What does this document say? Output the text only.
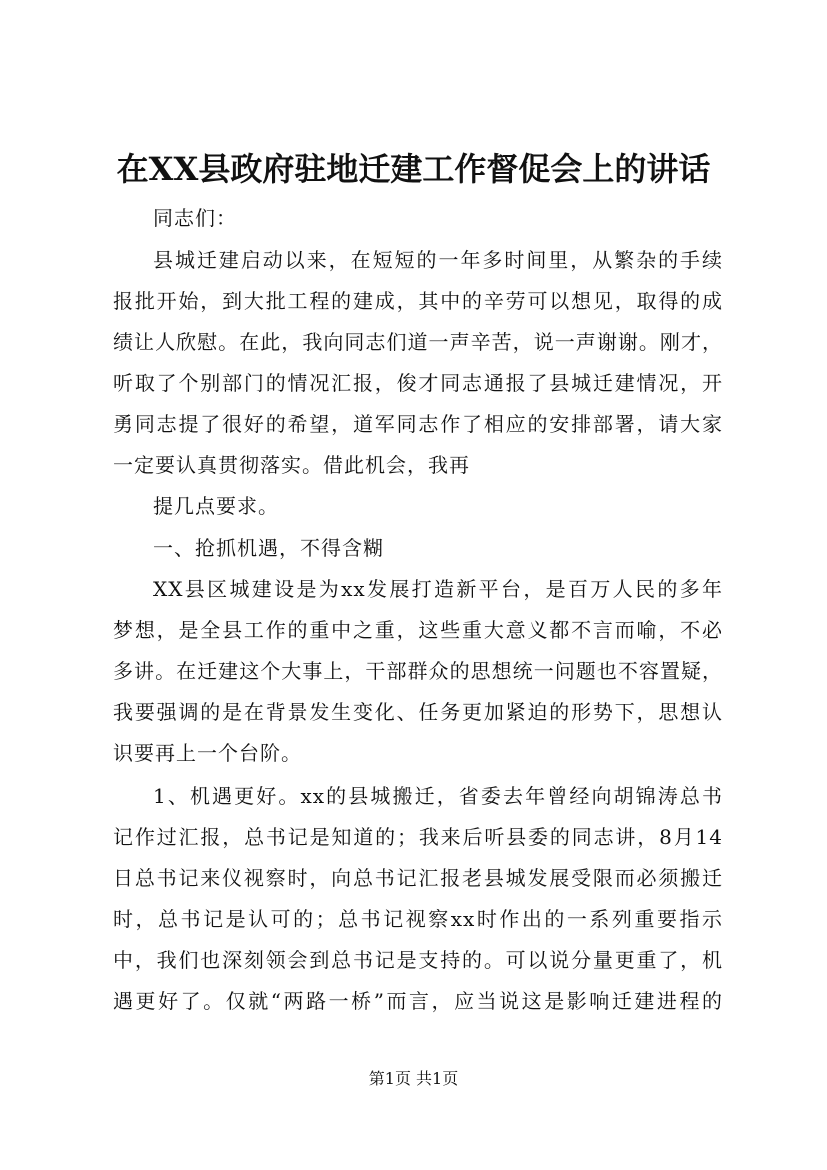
在XX县政府驻地迁建工作督促会上的讲话
同志们：
县城迁建启动以来，在短短的一年多时间里，从繁杂的手续
报批开始，到大批工程的建成，其中的辛劳可以想见，取得的成
绩让人欣慰。在此，我向同志们道一声辛苦，说一声谢谢。刚才，
听取了个别部门的情况汇报，俊才同志通报了县城迁建情况，开
勇同志提了很好的希望，道军同志作了相应的安排部署，请大家
一定要认真贯彻落实。借此机会，我再
提几点要求。
一、抢抓机遇，不得含糊
XX县区城建设是为xx发展打造新平台，是百万人民的多年
梦想，是全县工作的重中之重，这些重大意义都不言而喻，不必
多讲。在迁建这个大事上，干部群众的思想统一问题也不容置疑，
我要强调的是在背景发生变化、任务更加紧迫的形势下，思想认
识要再上一个台阶。
1、机遇更好。xx的县城搬迁，省委去年曾经向胡锦涛总书
记作过汇报，总书记是知道的；我来后听县委的同志讲，8月14
日总书记来仪视察时，向总书记汇报老县城发展受限而必须搬迁
时，总书记是认可的；总书记视察xx时作出的一系列重要指示
中，我们也深刻领会到总书记是支持的。可以说分量更重了，机
遇更好了。仅就“两路一桥”而言，应当说这是影响迁建进程的
第1页 共1页
